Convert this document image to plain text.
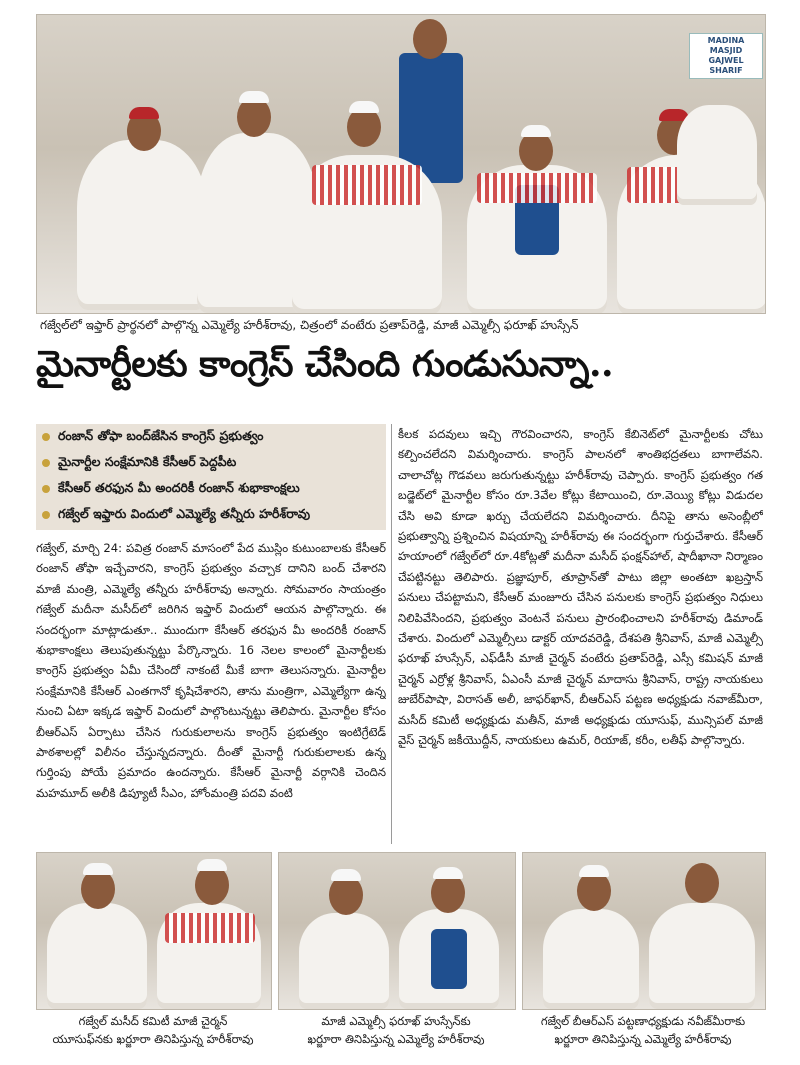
MADINA MASJID
GAJWEL SHARIF
గజ్వేల్‌లో ఇఫ్తార్ ప్రార్థనలో పాల్గొన్న ఎమ్మెల్యే హరీశ్‌రావు, చిత్రంలో వంటేరు ప్రతాప్‌రెడ్డి, మాజీ ఎమ్మెల్సీ ఫరూఖ్ హుస్సేన్
మైనార్టీలకు కాంగ్రెస్ చేసింది గుండుసున్నా..
రంజాన్ తోఫా బంద్‌జేసిన కాంగ్రెస్ ప్రభుత్వం
మైనార్టీల సంక్షేమానికి కేసీఆర్ పెద్దపీట
కేసీఆర్ తరఫున మీ అందరికీ రంజాన్ శుభాకాంక్షలు
గజ్వేల్ ఇఫ్తారు విందులో ఎమ్మెల్యే తన్నీరు హరీశ్‌రావు
గజ్వేల్, మార్చి 24: పవిత్ర రంజాన్ మాసంలో పేద ముస్లిం కుటుంబాలకు కేసీఆర్ రంజాన్ తోఫా ఇచ్చేవారని, కాంగ్రెస్ ప్రభుత్వం వచ్చాక దానిని బంద్ చేశారని మాజీ మంత్రి, ఎమ్మెల్యే తన్నీరు హరీశ్‌రావు అన్నారు. సోమవారం సాయంత్రం గజ్వేల్ మదీనా మసీద్‌లో జరిగిన ఇఫ్తార్ విందులో ఆయన పాల్గొన్నారు. ఈ సందర్భంగా మాట్లాడుతూ.. ముందుగా కేసీఆర్ తరఫున మీ అందరికీ రంజాన్ శుభాకాంక్షలు తెలుపుతున్నట్టు పేర్కొన్నారు. 16 నెలల కాలంలో మైనార్టీలకు కాంగ్రెస్ ప్రభుత్వం ఏమీ చేసిందో నాకంటే మీకే బాగా తెలుసన్నారు. మైనార్టీల సంక్షేమానికి కేసీఆర్ ఎంతగానో కృషిచేశారని, తాను మంత్రిగా, ఎమ్మెల్యేగా ఉన్న నుంచి ఏటా ఇక్కడ ఇఫ్తార్ విందులో పాల్గొంటున్నట్టు తెలిపారు. మైనార్టీల కోసం బీఆర్‌ఎస్ ఏర్పాటు చేసిన గురుకులాలను కాంగ్రెస్ ప్రభుత్వం ఇంటిగ్రేటెడ్ పాఠశాలల్లో విలీనం చేస్తున్నదన్నారు. దీంతో మైనార్టీ గురుకులాలకు ఉన్న గుర్తింపు పోయే ప్రమాదం ఉందన్నారు. కేసీఆర్ మైనార్టీ వర్గానికి చెందిన మహమూద్ అలీకి డిప్యూటీ సీఎం, హోంమంత్రి పదవి వంటి
కీలక పదవులు ఇచ్చి గౌరవించారని, కాంగ్రెస్ కేబినెట్‌లో మైనార్టీలకు చోటు కల్పించలేదని విమర్శించారు. కాంగ్రెస్ పాలనలో శాంతిభద్రతలు బాగాలేవని. చాలాచోట్ల గొడవలు జరుగుతున్నట్టు హరీశ్‌రావు చెప్పారు. కాంగ్రెస్ ప్రభుత్వం గత బడ్జెట్‌లో మైనార్టీల కోసం రూ.3వేల కోట్లు కేటాయించి, రూ.వెయ్యి కోట్లు విడుదల చేసి అవి కూడా ఖర్చు చేయలేదని విమర్శించారు. దీనిపై తాను అసెంబ్లీలో ప్రభుత్వాన్ని ప్రశ్నించిన విషయాన్ని హరీశ్‌రావు ఈ సందర్భంగా గుర్తుచేశారు. కేసీఆర్ హయాంలో గజ్వేల్‌లో రూ.4కోట్లతో మదీనా మసీద్ ఫంక్షన్‌హాల్, షాదీఖానా నిర్మాణం చేపట్టినట్టు తెలిపారు. ప్రజ్ఞాపూర్, తూప్రాన్‌తో పాటు జిల్లా అంతటా ఖబ్రస్తాన్ పనులు చేపట్టామని, కేసీఆర్ మంజూరు చేసిన పనులకు కాంగ్రెస్ ప్రభుత్వం నిధులు నిలిపివేసిందని, ప్రభుత్వం వెంటనే పనులు ప్రారంభించాలని హరీశ్‌రావు డిమాండ్ చేశారు. విందులో ఎమ్మెల్సీలు డాక్టర్ యాదవరెడ్డి, దేశపతి శ్రీనివాస్, మాజీ ఎమ్మెల్సీ ఫరూఖ్ హుస్సేన్, ఎఫ్‌డీసీ మాజీ చైర్మన్ వంటేరు ప్రతాప్‌రెడ్డి, ఎస్సీ కమిషన్ మాజీ చైర్మన్ ఎర్రోళ్ల శ్రీనివాస్, ఏఎంసీ మాజీ చైర్మన్ మాదాసు శ్రీనివాస్, రాష్ట్ర నాయకులు జుబేర్‌పాషా, విరాసత్ అలీ, జాఫర్‌ఖాన్, బీఆర్‌ఎస్ పట్టణ అధ్యక్షుడు నవాజ్‌మీరా, మసీద్ కమిటీ అధ్యక్షుడు మతీన్, మాజీ అధ్యక్షుడు యూసుఫ్, మున్సిపల్ మాజీ వైస్ చైర్మన్ జకీయొద్దీన్, నాయకులు ఉమర్, రియాజ్, కరీం, లతీఫ్ పాల్గొన్నారు.
గజ్వేల్ మసీద్ కమిటీ మాజీ చైర్మన్
యూసుఫ్‌నకు ఖర్జూరా తినిపిస్తున్న హరీశ్‌రావు
మాజీ ఎమ్మెల్సీ ఫరూఖ్ హుస్సేన్‌కు
ఖర్జూరా తినిపిస్తున్న ఎమ్మెల్యే హరీశ్‌రావు
గజ్వేల్ బీఆర్‌ఎస్ పట్టణాధ్యక్షుడు నవీజ్‌మీరాకు
ఖర్జూరా తినిపిస్తున్న ఎమ్మెల్యే హరీశ్‌రావు
